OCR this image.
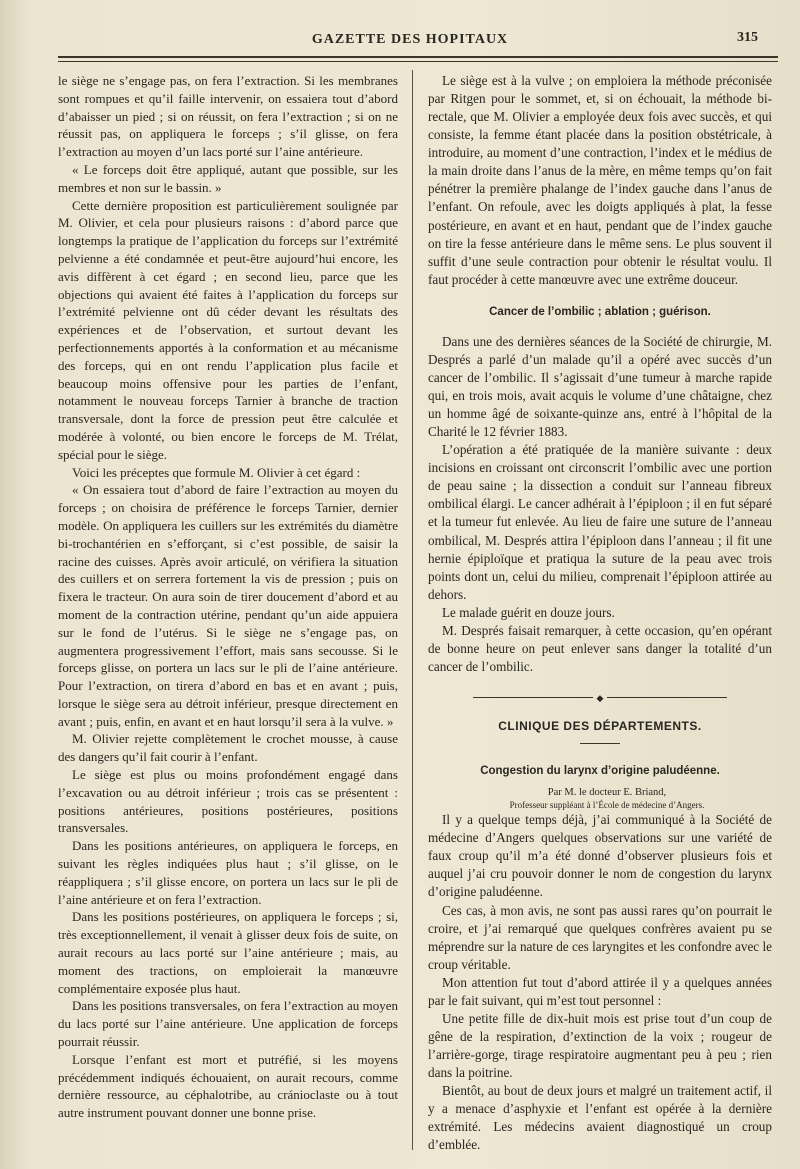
GAZETTE DES HOPITAUX	315

le siège ne s’engage pas, on fera l’extraction. Si les membranes sont rompues et qu’il faille intervenir, on essaiera tout d’abord d’abaisser un pied ; si on réussit, on fera l’extraction ; si on ne réussit pas, on appliquera le forceps ; s’il glisse, on fera l’extraction au moyen d’un lacs porté sur l’aine antérieure.

« Le forceps doit être appliqué, autant que possible, sur les membres et non sur le bassin. »

Cette dernière proposition est particulièrement soulignée par M. Olivier, et cela pour plusieurs raisons : d’abord parce que longtemps la pratique de l’application du forceps sur l’extrémité pelvienne a été condamnée et peut-être aujourd’hui encore, les avis diffèrent à cet égard ; en second lieu, parce que les objections qui avaient été faites à l’application du forceps sur l’extrémité pelvienne ont dû céder devant les résultats des expériences et de l’observation, et surtout devant les perfectionnements apportés à la conformation et au mécanisme des forceps, qui en ont rendu l’application plus facile et beaucoup moins offensive pour les parties de l’enfant, notamment le nouveau forceps Tarnier à branche de traction transversale, dont la force de pression peut être calculée et modérée à volonté, ou bien encore le forceps de M. Trélat, spécial pour le siège.

Voici les préceptes que formule M. Olivier à cet égard :

« On essaiera tout d’abord de faire l’extraction au moyen du forceps ; on choisira de préférence le forceps Tarnier, dernier modèle. On appliquera les cuillers sur les extrémités du diamètre bi-trochantérien en s’efforçant, si c’est possible, de saisir la racine des cuisses. Après avoir articulé, on vérifiera la situation des cuillers et on serrera fortement la vis de pression ; puis on fixera le tracteur. On aura soin de tirer doucement d’abord et au moment de la contraction utérine, pendant qu’un aide appuiera sur le fond de l’utérus. Si le siège ne s’engage pas, on augmentera progressivement l’effort, mais sans secousse. Si le forceps glisse, on portera un lacs sur le pli de l’aine antérieure. Pour l’extraction, on tirera d’abord en bas et en avant ; puis, lorsque le siège sera au détroit inférieur, presque directement en avant ; puis, enfin, en avant et en haut lorsqu’il sera à la vulve. »

M. Olivier rejette complètement le crochet mousse, à cause des dangers qu’il fait courir à l’enfant.

Le siège est plus ou moins profondément engagé dans l’excavation ou au détroit inférieur ; trois cas se présentent : positions antérieures, positions postérieures, positions transversales.

Dans les positions antérieures, on appliquera le forceps, en suivant les règles indiquées plus haut ; s’il glisse, on le réappliquera ; s’il glisse encore, on portera un lacs sur le pli de l’aine antérieure et on fera l’extraction.

Dans les positions postérieures, on appliquera le forceps ; si, très exceptionnellement, il venait à glisser deux fois de suite, on aurait recours au lacs porté sur l’aine antérieure ; mais, au moment des tractions, on emploierait la manœuvre complémentaire exposée plus haut.

Dans les positions transversales, on fera l’extraction au moyen du lacs porté sur l’aine antérieure. Une application de forceps pourrait réussir.

Lorsque l’enfant est mort et putréfié, si les moyens précédemment indiqués échouaient, on aurait recours, comme dernière ressource, au céphalotribe, au cránioclaste ou à tout autre instrument pouvant donner une bonne prise.

Le siège est à la vulve ; on emploiera la méthode préconisée par Ritgen pour le sommet, et, si on échouait, la méthode bi-rectale, que M. Olivier a employée deux fois avec succès, et qui consiste, la femme étant placée dans la position obstétricale, à introduire, au moment d’une contraction, l’index et le médius de la main droite dans l’anus de la mère, en même temps qu’on fait pénétrer la première phalange de l’index gauche dans l’anus de l’enfant. On refoule, avec les doigts appliqués à plat, la fesse postérieure, en avant et en haut, pendant que de l’index gauche on tire la fesse antérieure dans le même sens. Le plus souvent il suffit d’une seule contraction pour obtenir le résultat voulu. Il faut procéder à cette manœuvre avec une extrême douceur.

Cancer de l’ombilic ; ablation ; guérison.

Dans une des dernières séances de la Société de chirurgie, M. Després a parlé d’un malade qu’il a opéré avec succès d’un cancer de l’ombilic. Il s’agissait d’une tumeur à marche rapide qui, en trois mois, avait acquis le volume d’une châtaigne, chez un homme âgé de soixante-quinze ans, entré à l’hôpital de la Charité le 12 février 1883.

L’opération a été pratiquée de la manière suivante : deux incisions en croissant ont circonscrit l’ombilic avec une portion de peau saine ; la dissection a conduit sur l’anneau fibreux ombilical élargi. Le cancer adhérait à l’épiploon ; il en fut séparé et la tumeur fut enlevée. Au lieu de faire une suture de l’anneau ombilical, M. Després attira l’épiploon dans l’anneau ; il fit une hernie épiploïque et pratiqua la suture de la peau avec trois points dont un, celui du milieu, comprenait l’épiploon attirée au dehors.

Le malade guérit en douze jours.

M. Després faisait remarquer, à cette occasion, qu’en opérant de bonne heure on peut enlever sans danger la totalité d’un cancer de l’ombilic.

◆
CLINIQUE DES DÉPARTEMENTS.
Congestion du larynx d’origine paludéenne.

Par M. le docteur E. Briand,

Professeur suppléant à l’École de médecine d’Angers.

Il y a quelque temps déjà, j’ai communiqué à la Société de médecine d’Angers quelques observations sur une variété de faux croup qu’il m’a été donné d’observer plusieurs fois et auquel j’ai cru pouvoir donner le nom de congestion du larynx d’origine paludéenne.

Ces cas, à mon avis, ne sont pas aussi rares qu’on pourrait le croire, et j’ai remarqué que quelques confrères avaient pu se méprendre sur la nature de ces laryngites et les confondre avec le croup véritable.

Mon attention fut tout d’abord attirée il y a quelques années par le fait suivant, qui m’est tout personnel :

Une petite fille de dix-huit mois est prise tout d’un coup de gêne de la respiration, d’extinction de la voix ; rougeur de l’arrière-gorge, tirage respiratoire augmentant peu à peu ; rien dans la poitrine.

Bientôt, au bout de deux jours et malgré un traitement actif, il y a menace d’asphyxie et l’enfant est opérée à la dernière extrémité. Les médecins avaient diagnostiqué un croup d’emblée.
